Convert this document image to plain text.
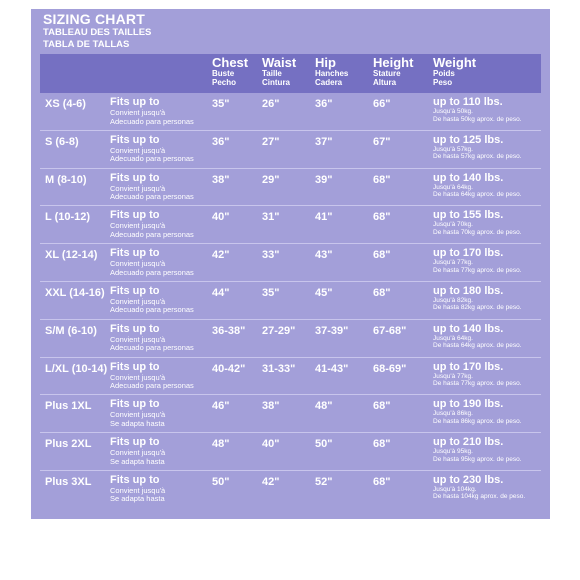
SIZING CHART
TABLEAU DES TAILLES
TABLA DE TALLAS
Chest
Buste
Pecho
Waist
Taille
Cintura
Hip
Hanches
Cadera
Height
Stature
Altura
Weight
Poids
Peso
XS (4-6) Fits up to
Convient jusqu'à
Adecuado para personas
35"	26"	36"	66"	up to 110 lbs.
Jusqu'à 50kg.
De hasta 50kg aprox. de peso.
S (6-8)	Fits up to
Convient jusqu'à
Adecuado para personas
36"	27"	37"	67"	up to 125 lbs.
Jusqu'à 57kg.
De hasta 57kg aprox. de peso.
M (8-10) Fits up to
Convient jusqu'à
Adecuado para personas
38"	29"	39"	68"	up to 140 lbs.
Jusqu'à 64kg.
De hasta 64kg aprox. de peso.
L (10-12) Fits up to
Convient jusqu'à
Adecuado para personas
40"	31"	41"	68"	up to 155 lbs.
Jusqu'à 70kg.
De hasta 70kg aprox. de peso.
XL (12-14) Fits up to
Convient jusqu'à
Adecuado para personas
42"	33"	43"	68"	up to 170 lbs.
Jusqu'à 77kg.
De hasta 77kg aprox. de peso.
XXL (14-16) Fits up to
Convient jusqu'à
Adecuado para personas
44"	35"	45"	68"	up to 180 lbs.
Jusqu'à 82kg.
De hasta 82kg aprox. de peso.
S/M (6-10) Fits up to
Convient jusqu'à
Adecuado para personas
36-38" 27-29" 37-39" 67-68" up to 140 lbs.
Jusqu'à 64kg.
De hasta 64kg aprox. de peso.
L/XL (10-14) Fits up to
Convient jusqu'à
Adecuado para personas
40-42" 31-33" 41-43" 68-69" up to 170 lbs.
Jusqu'à 77kg.
De hasta 77kg aprox. de peso.
Plus 1XL Fits up to
Convient jusqu'à
Se adapta hasta
46"	38"	48"	68"	up to 190 lbs.
Jusqu'à 86kg.
De hasta 86kg aprox. de peso.
Plus 2XL Fits up to
Convient jusqu'à
Se adapta hasta
48"	40"	50"	68"	up to 210 lbs.
Jusqu'à 95kg.
De hasta 95kg aprox. de peso.
Plus 3XL Fits up to
Convient jusqu'à
Se adapta hasta
50"	42"	52"	68"	up to 230 lbs.
Jusqu'à 104kg.
De hasta 104kg aprox. de peso.
